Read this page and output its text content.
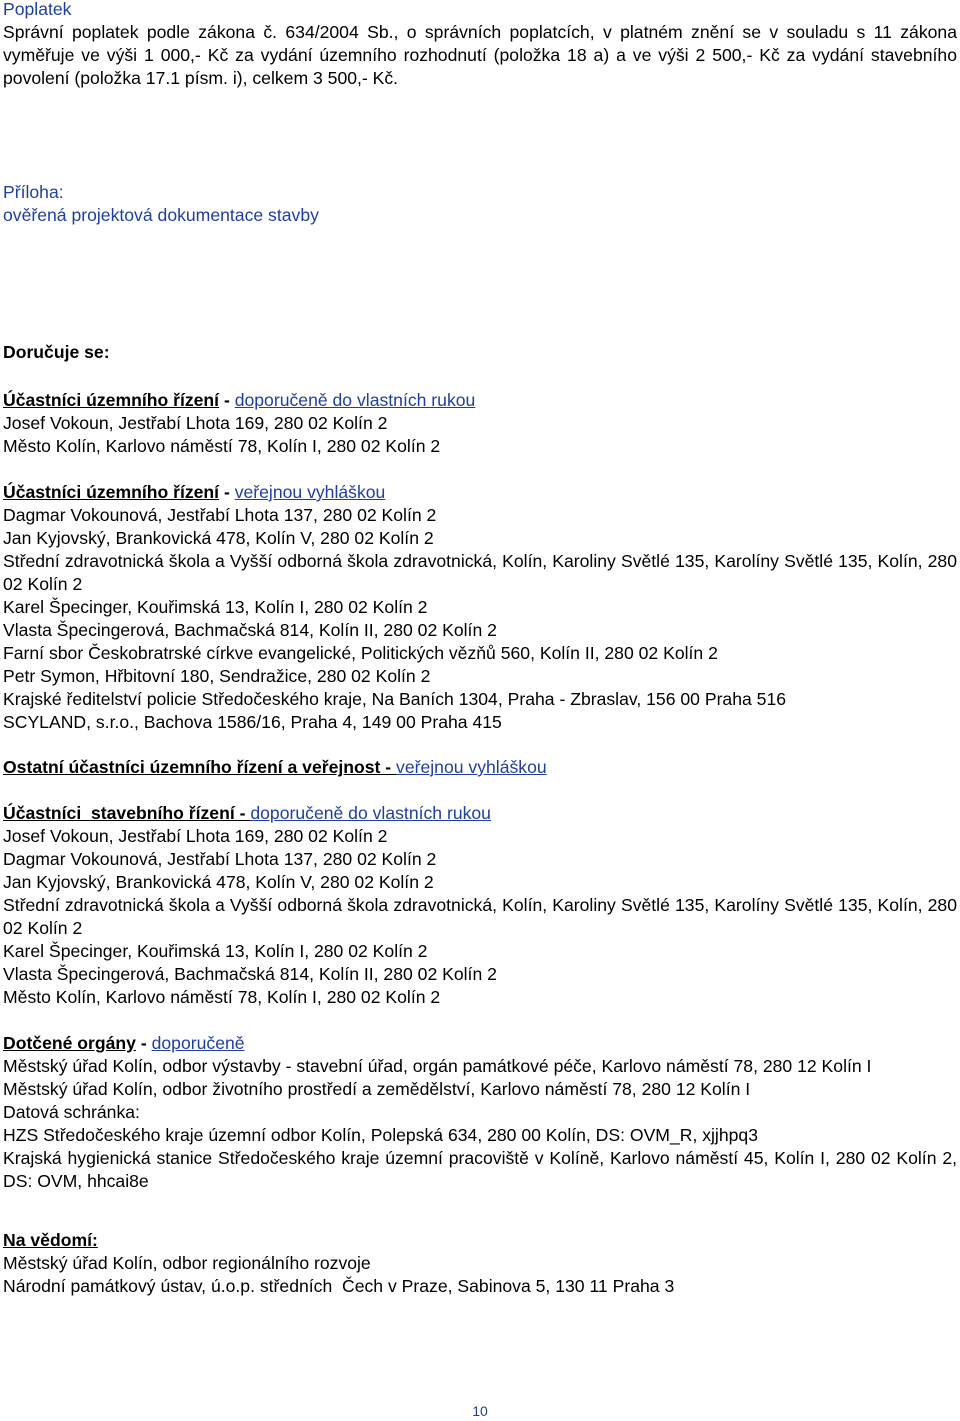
Poplatek
Správní poplatek podle zákona č. 634/2004 Sb., o správních poplatcích, v platném znění se v souladu s 11 zákona vyměřuje ve výši 1 000,- Kč za vydání územního rozhodnutí (položka 18 a) a ve výši 2 500,- Kč za vydání stavebního povolení (položka 17.1 písm. i), celkem 3 500,- Kč.
Příloha:
ověřená projektová dokumentace stavby
Doručuje se:
Účastníci územního řízení - doporučeně do vlastních rukou
Josef Vokoun, Jestřabí Lhota 169, 280 02 Kolín 2
Město Kolín, Karlovo náměstí 78, Kolín I, 280 02 Kolín 2
Účastníci územního řízení - veřejnou vyhláškou
Dagmar Vokounová, Jestřabí Lhota 137, 280 02 Kolín 2
Jan Kyjovský, Brankovická 478, Kolín V, 280 02 Kolín 2
Střední zdravotnická škola a Vyšší odborná škola zdravotnická, Kolín, Karoliny Světlé 135, Karolíny Světlé 135, Kolín, 280 02 Kolín 2
Karel Špecinger, Kouřimská 13, Kolín I, 280 02 Kolín 2
Vlasta Špecingerová, Bachmačská 814, Kolín II, 280 02 Kolín 2
Farní sbor Českobratrské církve evangelické, Politických vězňů 560, Kolín II, 280 02 Kolín 2
Petr Symon, Hřbitovní 180, Sendražice, 280 02 Kolín 2
Krajské ředitelství policie Středočeského kraje, Na Baních 1304, Praha - Zbraslav, 156 00 Praha 516
SCYLAND, s.r.o., Bachova 1586/16, Praha 4, 149 00 Praha 415
Ostatní účastníci územního řízení a veřejnost - veřejnou vyhláškou
Účastníci  stavebního řízení - doporučeně do vlastních rukou
Josef Vokoun, Jestřabí Lhota 169, 280 02 Kolín 2
Dagmar Vokounová, Jestřabí Lhota 137, 280 02 Kolín 2
Jan Kyjovský, Brankovická 478, Kolín V, 280 02 Kolín 2
Střední zdravotnická škola a Vyšší odborná škola zdravotnická, Kolín, Karoliny Světlé 135, Karolíny Světlé 135, Kolín, 280 02 Kolín 2
Karel Špecinger, Kouřimská 13, Kolín I, 280 02 Kolín 2
Vlasta Špecingerová, Bachmačská 814, Kolín II, 280 02 Kolín 2
Město Kolín, Karlovo náměstí 78, Kolín I, 280 02 Kolín 2
Dotčené orgány - doporučeně
Městský úřad Kolín, odbor výstavby - stavební úřad, orgán památkové péče, Karlovo náměstí 78, 280 12 Kolín I
Městský úřad Kolín, odbor životního prostředí a zemědělství, Karlovo náměstí 78, 280 12 Kolín I
Datová schránka:
HZS Středočeského kraje územní odbor Kolín, Polepská 634, 280 00 Kolín, DS: OVM_R, xjjhpq3
Krajská hygienická stanice Středočeského kraje územní pracoviště v Kolíně, Karlovo náměstí 45, Kolín I, 280 02 Kolín 2, DS: OVM, hhcai8e
Na vědomí:
Městský úřad Kolín, odbor regionálního rozvoje
Národní památkový ústav, ú.o.p. středních  Čech v Praze, Sabinova 5, 130 11 Praha 3
10
